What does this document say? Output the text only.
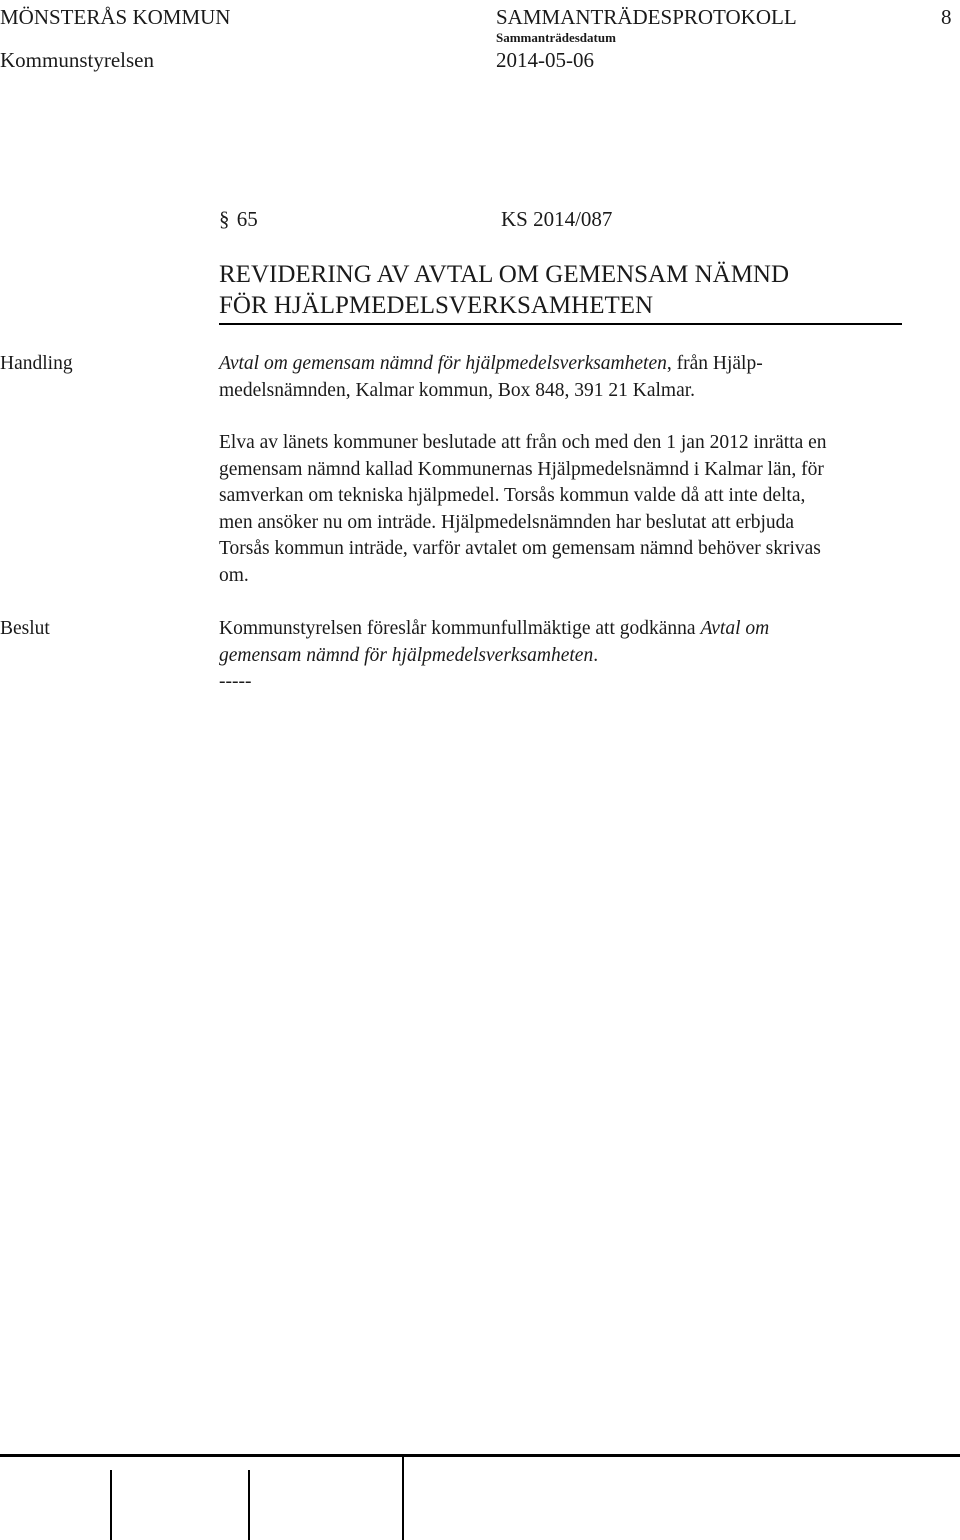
MÖNSTERÅS KOMMUN	SAMMANTRÄDESPROTOKOLL	8
Sammanträdesdatum
Kommunstyrelsen	2014-05-06
§ 65	KS 2014/087
REVIDERING AV AVTAL OM GEMENSAM NÄMND
FÖR HJÄLPMEDELSVERKSAMHETEN
Handling	Avtal om gemensam nämnd för hjälpmedelsverksamheten, från Hjälp-

medelsnämnden, Kalmar kommun, Box 848, 391 21 Kalmar.

Elva av länets kommuner beslutade att från och med den 1 jan 2012 inrätta en

gemensam nämnd kallad Kommunernas Hjälpmedelsnämnd i Kalmar län, för

samverkan om tekniska hjälpmedel. Torsås kommun valde då att inte delta,

men ansöker nu om inträde. Hjälpmedelsnämnden har beslutat att erbjuda

Torsås kommun inträde, varför avtalet om gemensam nämnd behöver skrivas

om.

Beslut	Kommunstyrelsen föreslår kommunfullmäktige att godkänna Avtal om

gemensam nämnd för hjälpmedelsverksamheten.

-----
